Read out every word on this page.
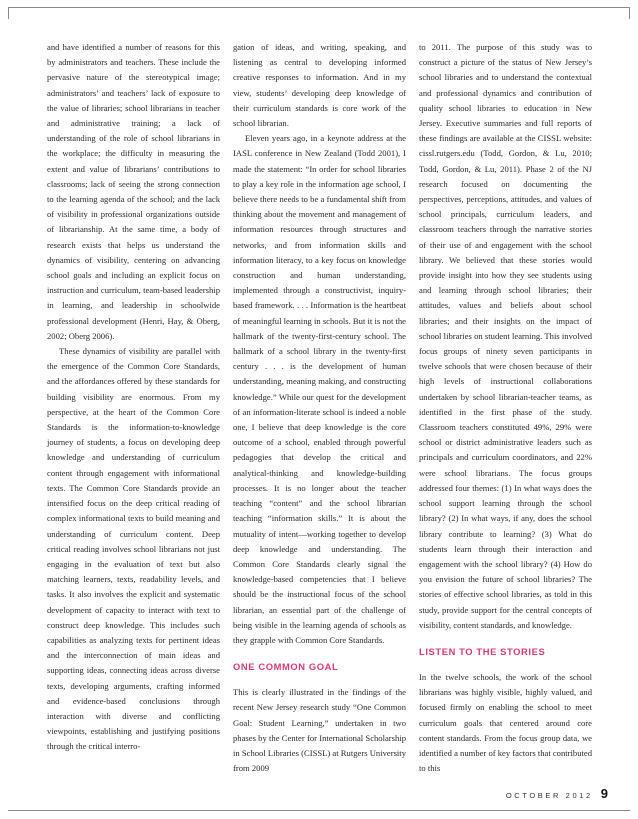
and have identified a number of reasons for this by administrators and teachers. These include the pervasive nature of the stereotypical image; administrators’ and teachers’ lack of exposure to the value of libraries; school librarians in teacher and administrative training; a lack of understanding of the role of school librarians in the workplace; the difficulty in measuring the extent and value of librarians’ contributions to classrooms; lack of seeing the strong connection to the learning agenda of the school; and the lack of visibility in professional organizations outside of librarianship. At the same time, a body of research exists that helps us understand the dynamics of visibility, centering on advancing school goals and including an explicit focus on instruction and curriculum, team-based leadership in learning, and leadership in schoolwide professional development (Henri, Hay, & Oberg, 2002; Oberg 2006).

These dynamics of visibility are parallel with the emergence of the Common Core Standards, and the affordances offered by these standards for building visibility are enormous. From my perspective, at the heart of the Common Core Standards is the information-to-knowledge journey of students, a focus on developing deep knowledge and understanding of curriculum content through engagement with informational texts. The Common Core Standards provide an intensified focus on the deep critical reading of complex informational texts to build meaning and understanding of curriculum content. Deep critical reading involves school librarians not just engaging in the evaluation of text but also matching learners, texts, readability levels, and tasks. It also involves the explicit and systematic development of capacity to interact with text to construct deep knowledge. This includes such capabilities as analyzing texts for pertinent ideas and the interconnection of main ideas and supporting ideas, connecting ideas across diverse texts, developing arguments, crafting informed and evidence-based conclusions through interaction with diverse and conflicting viewpoints, establishing and justifying positions through the critical interro-

gation of ideas, and writing, speaking, and listening as central to developing informed creative responses to information. And in my view, students’ developing deep knowledge of their curriculum standards is core work of the school librarian.

Eleven years ago, in a keynote address at the IASL conference in New Zealand (Todd 2001), I made the statement: “In order for school libraries to play a key role in the information age school, I believe there needs to be a fundamental shift from thinking about the movement and management of information resources through structures and networks, and from information skills and information literacy, to a key focus on knowledge construction and human understanding, implemented through a constructivist, inquiry-based framework. . . . Information is the heartbeat of meaningful learning in schools. But it is not the hallmark of the twenty-first-century school. The hallmark of a school library in the twenty-first century . . . is the development of human understanding, meaning making, and constructing knowledge.” While our quest for the development of an information-literate school is indeed a noble one, I believe that deep knowledge is the core outcome of a school, enabled through powerful pedagogies that develop the critical and analytical-thinking and knowledge-building processes. It is no longer about the teacher teaching “content” and the school librarian teaching “information skills.” It is about the mutuality of intent—working together to develop deep knowledge and understanding. The Common Core Standards clearly signal the knowledge-based competencies that I believe should be the instructional focus of the school librarian, an essential part of the challenge of being visible in the learning agenda of schools as they grapple with Common Core Standards.

ONE COMMON GOAL

This is clearly illustrated in the findings of the recent New Jersey research study “One Common Goal: Student Learning,” undertaken in two phases by the Center for International Scholarship in School Libraries (CISSL) at Rutgers University from 2009

to 2011. The purpose of this study was to construct a picture of the status of New Jersey’s school libraries and to understand the contextual and professional dynamics and contribution of quality school libraries to education in New Jersey. Executive summaries and full reports of these findings are available at the CISSL website: cissl.rutgers.edu (Todd, Gordon, & Lu, 2010; Todd, Gordon, & Lu, 2011). Phase 2 of the NJ research focused on documenting the perspectives, perceptions, attitudes, and values of school principals, curriculum leaders, and classroom teachers through the narrative stories of their use of and engagement with the school library. We believed that these stories would provide insight into how they see students using and learning through school libraries; their attitudes, values and beliefs about school libraries; and their insights on the impact of school libraries on student learning. This involved focus groups of ninety seven participants in twelve schools that were chosen because of their high levels of instructional collaborations undertaken by school librarian-teacher teams, as identified in the first phase of the study. Classroom teachers constituted 49%, 29% were school or district administrative leaders such as principals and curriculum coordinators, and 22% were school librarians. The focus groups addressed four themes: (1) In what ways does the school support learning through the school library? (2) In what ways, if any, does the school library contribute to learning? (3) What do students learn through their interaction and engagement with the school library? (4) How do you envision the future of school libraries? The stories of effective school libraries, as told in this study, provide support for the central concepts of visibility, content standards, and knowledge.

LISTEN TO THE STORIES

In the twelve schools, the work of the school librarians was highly visible, highly valued, and focused firmly on enabling the school to meet curriculum goals that centered around core content standards. From the focus group data, we identified a number of key factors that contributed to this

OCTOBER 2012 9
